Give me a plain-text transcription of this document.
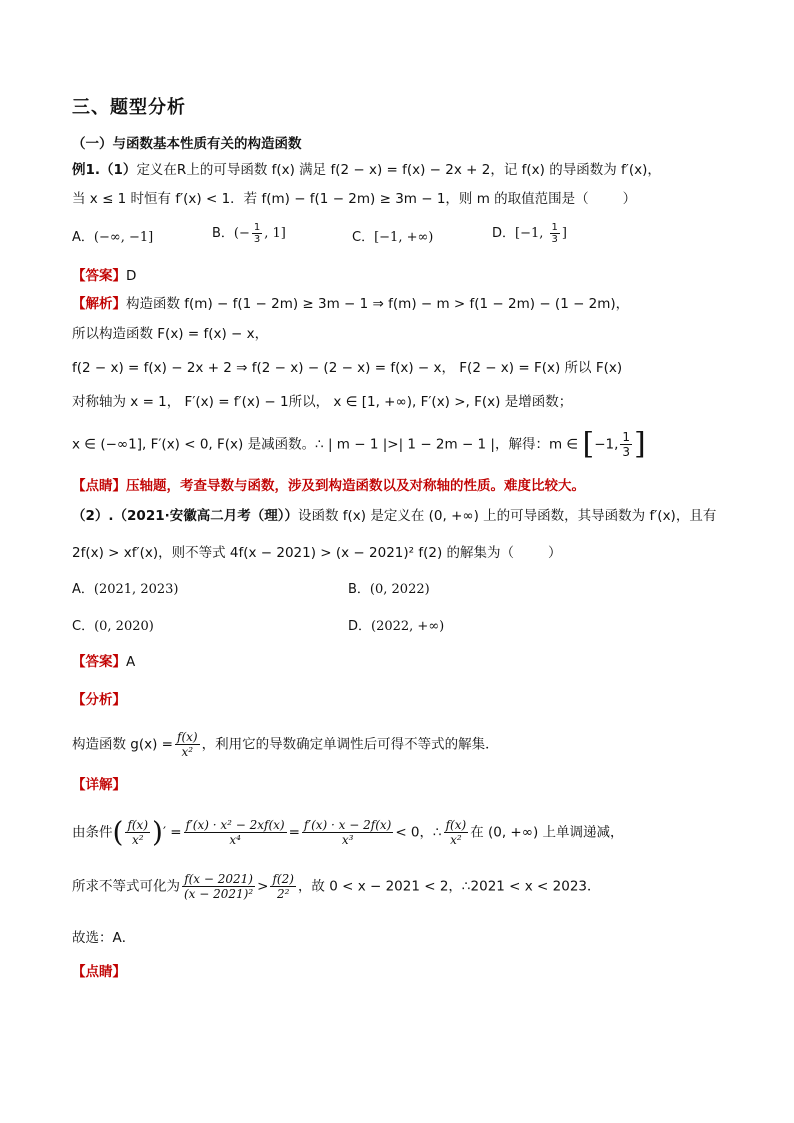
三、题型分析
（一）与函数基本性质有关的构造函数
例1.（1）定义在R上的可导函数 f(x) 满足 f(2 − x) = f(x) − 2x + 2，记 f(x) 的导函数为 f′(x)，
当 x ≤ 1 时恒有 f′(x) < 1．若 f(m) − f(1 − 2m) ≥ 3m − 1，则 m 的取值范围是（	）
A．(−∞, −1]	B．(− $\frac{1}{3}$ , 1]	C．[−1, +∞)	D．[−1, $\frac{1}{3}$ ]
【答案】D
【解析】构造函数 f(m) − f(1 − 2m) ≥ 3m − 1 ⇒ f(m) − m > f(1 − 2m) − (1 − 2m)，
所以构造函数 F(x) = f(x) − x，
f(2 − x) = f(x) − 2x + 2 ⇒ f(2 − x) − (2 − x) = f(x) − x， F(2 − x) = F(x) 所以 F(x)
对称轴为 x = 1， F′(x) = f′(x) − 1所以， x ∈ [1, +∞), F′(x) >, F(x) 是增函数；
x ∈ (−∞1], F′(x) < 0, F(x) 是减函数。∴ | m − 1 |>| 1 − 2m − 1 |，解得：m ∈ [−1, $\frac{1}{3}$ ]
【点睛】压轴题，考查导数与函数，涉及到构造函数以及对称轴的性质。难度比较大。
（2）.（2021·安徽高二月考（理））设函数 f(x) 是定义在 (0, +∞) 上的可导函数，其导函数为 f′(x)，且有
2f(x) > xf′(x)，则不等式 4f(x − 2021) > (x − 2021)² f(2) 的解集为（	）
A．(2021, 2023)	B．(0, 2022)
C．(0, 2020)	D．(2022, +∞)
【答案】A
【分析】
构造函数 $g(x) = \frac{f(x)}{\text{x²}}$ ，利用它的导数确定单调性后可得不等式的解集．
【详解】
由条件( $\frac{f(x)}{\text{x²}}$ )′ = $\frac{\text{f′(x) · x² − 2xf(x)}}{\text{x⁴}} = \frac{f'(x) \cdot x - 2f(x)}{\text{x³}} < 0$，∴ $\frac{f(x)}{\text{x²}}$ 在 (0, +∞) 上单调递减，
所求不等式可化为 $\frac{f(x - 2021)}{\text{(x − 2021)²}} > \frac{f(2)}{\text{2²}}$ ，故 0 < x − 2021 < 2，∴2021 < x < 2023．
故选：A．
【点睛】
